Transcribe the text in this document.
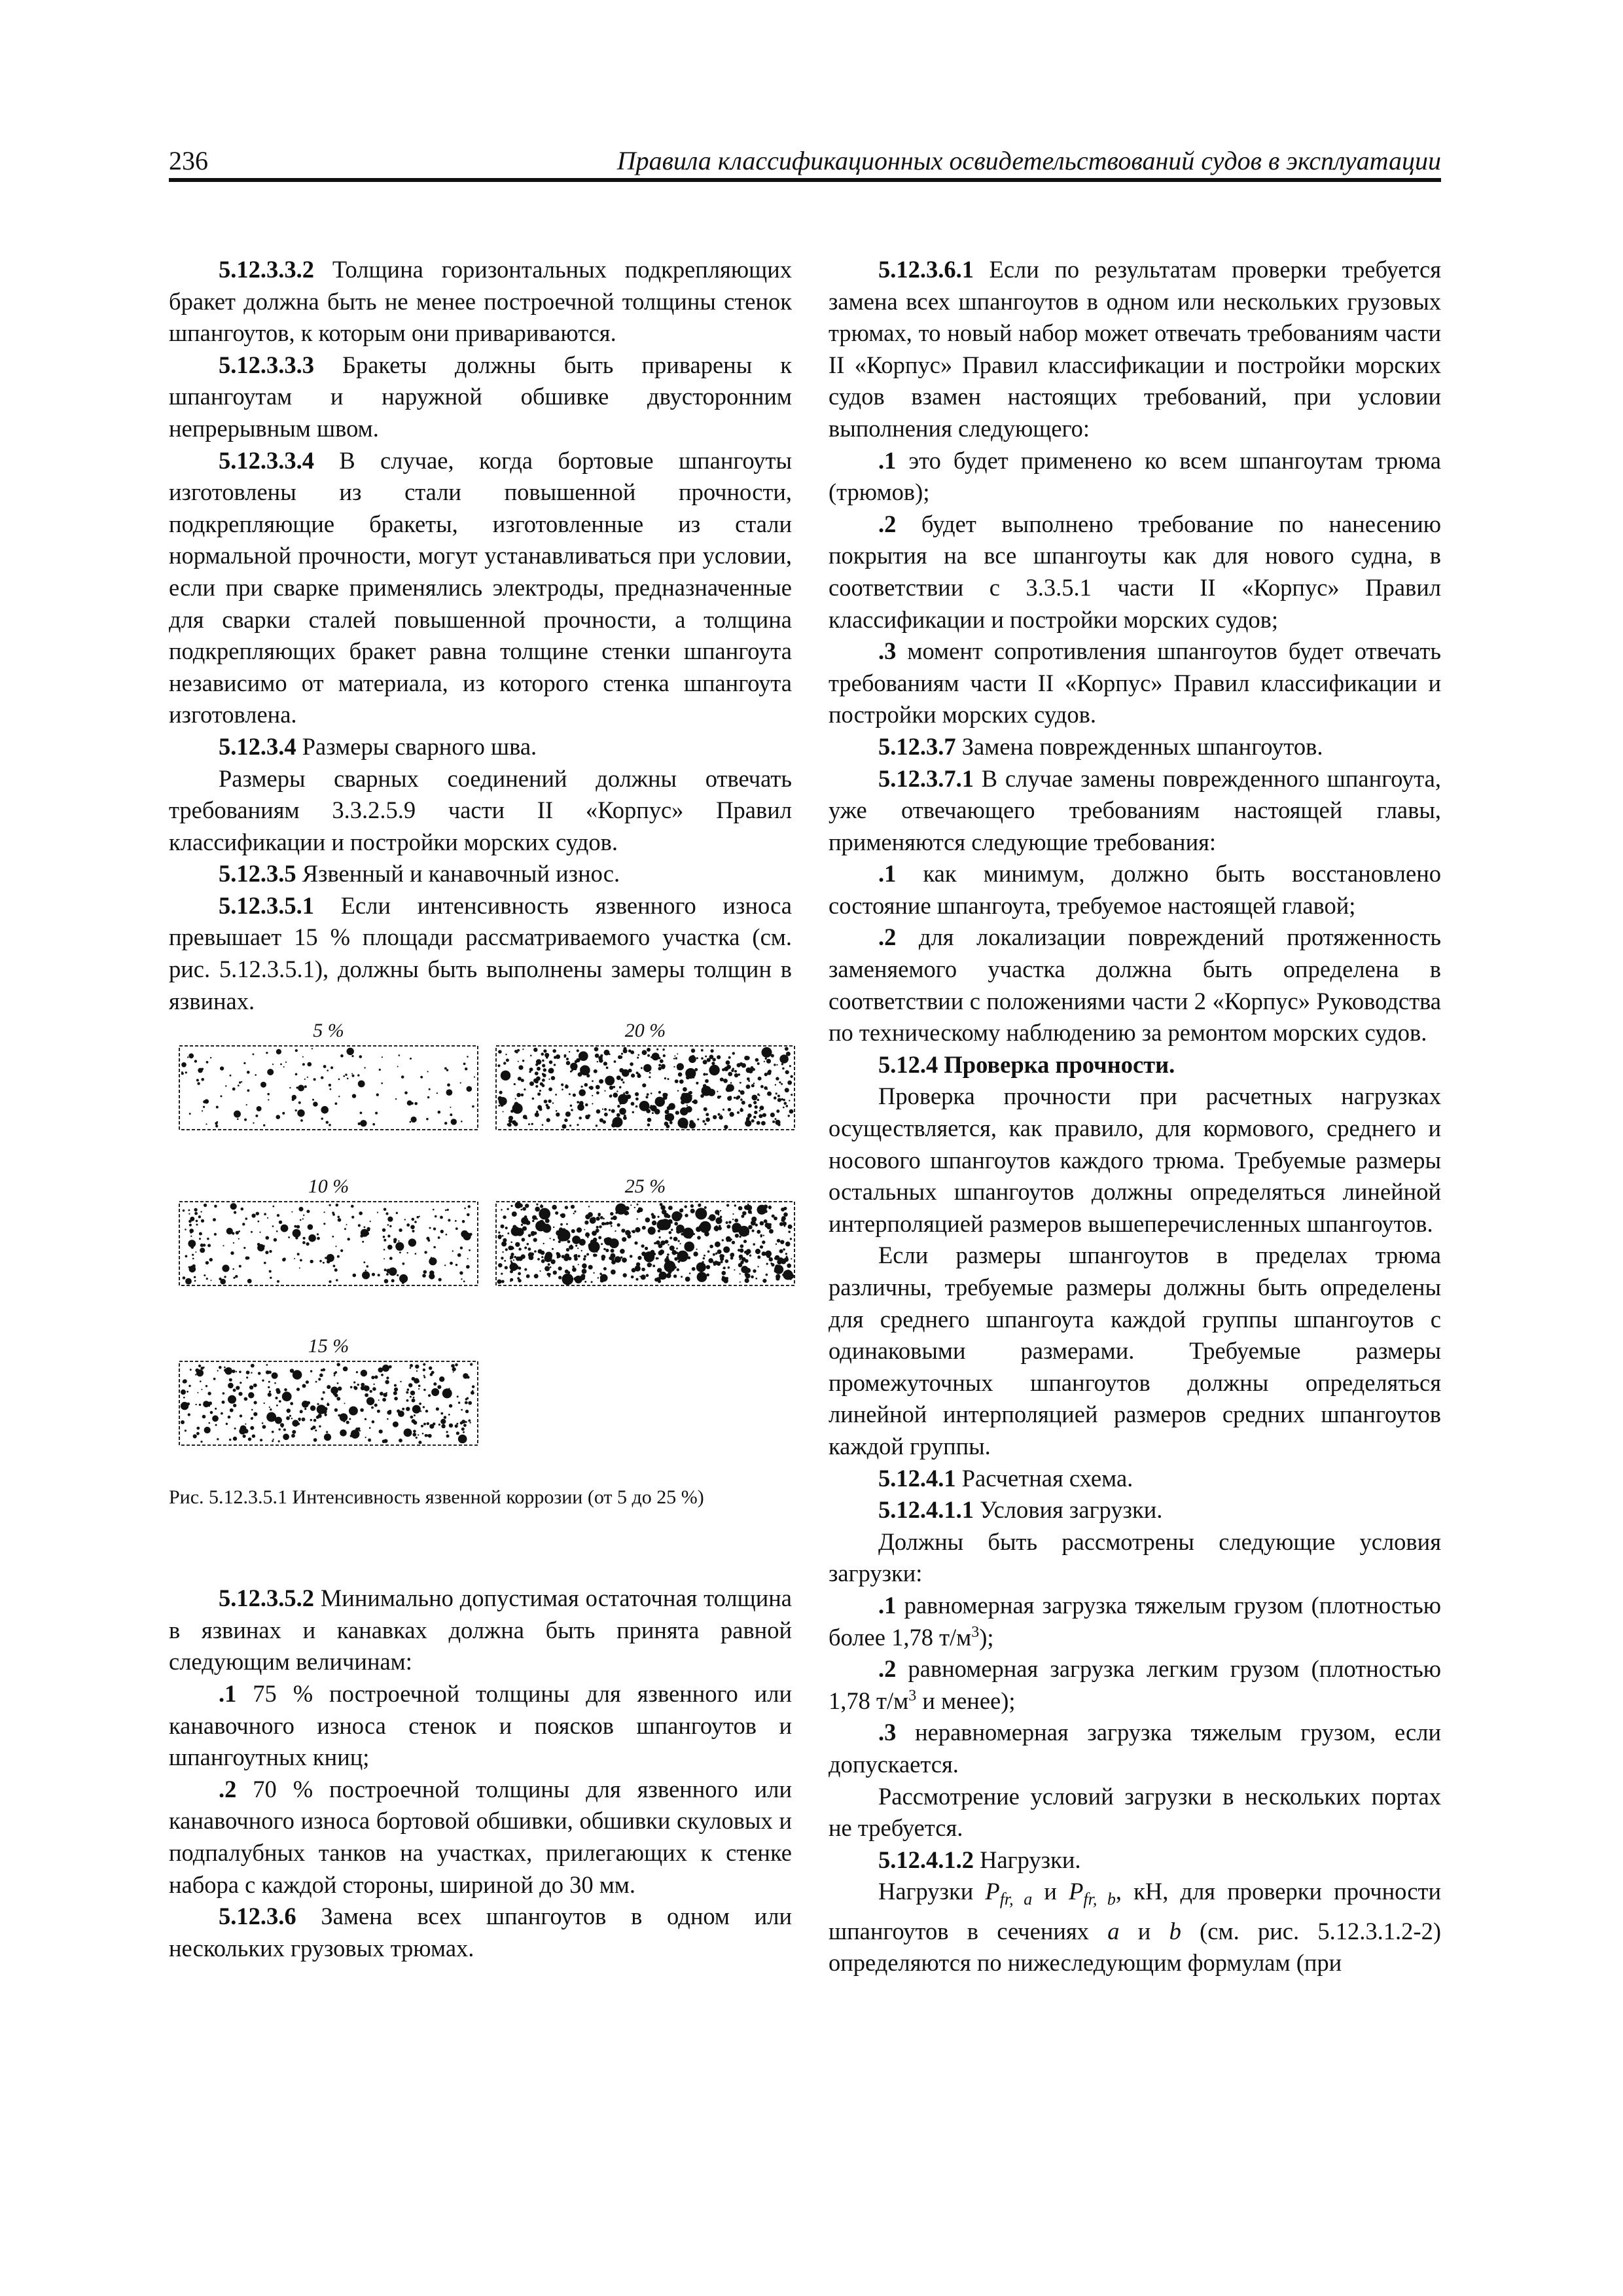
236	Правила классификационных освидетельствований судов в эксплуатации

5.12.3.3.2 Толщина горизонтальных подкрепляющих бракет должна быть не менее построечной толщины стенок шпангоутов, к которым они привариваются.

5.12.3.3.3 Бракеты должны быть приварены к шпангоутам и наружной обшивке двусторонним непрерывным швом.

5.12.3.3.4 В случае, когда бортовые шпангоуты изготовлены из стали повышенной прочности, подкрепляющие бракеты, изготовленные из стали нормальной прочности, могут устанавливаться при условии, если при сварке применялись электроды, предназначенные для сварки сталей повышенной прочности, а толщина подкрепляющих бракет равна толщине стенки шпангоута независимо от материала, из которого стенка шпангоута изготовлена.

5.12.3.4 Размеры сварного шва.

Размеры сварных соединений должны отвечать требованиям 3.3.2.5.9 части II «Корпус» Правил классификации и постройки морских судов.

5.12.3.5 Язвенный и канавочный износ.

5.12.3.5.1 Если интенсивность язвенного износа превышает 15 % площади рассматриваемого участка (см. рис. 5.12.3.5.1), должны быть выполнены замеры толщин в язвинах.

5 %	20 %
10 %	25 %
15 %

Рис. 5.12.3.5.1 Интенсивность язвенной коррозии (от 5 до 25 %)

5.12.3.5.2 Минимально допустимая остаточная толщина в язвинах и канавках должна быть принята равной следующим величинам:

.1 75 % построечной толщины для язвенного или канавочного износа стенок и поясков шпангоутов и шпангоутных книц;

.2 70 % построечной толщины для язвенного или канавочного износа бортовой обшивки, обшивки скуловых и подпалубных танков на участках, прилегающих к стенке набора с каждой стороны, шириной до 30 мм.

5.12.3.6 Замена всех шпангоутов в одном или нескольких грузовых трюмах.

5.12.3.6.1 Если по результатам проверки требуется замена всех шпангоутов в одном или нескольких грузовых трюмах, то новый набор может отвечать требованиям части II «Корпус» Правил классификации и постройки морских судов взамен настоящих требований, при условии выполнения следующего:

.1 это будет применено ко всем шпангоутам трюма (трюмов);

.2 будет выполнено требование по нанесению покрытия на все шпангоуты как для нового судна, в соответствии с 3.3.5.1 части II «Корпус» Правил классификации и постройки морских судов;

.3 момент сопротивления шпангоутов будет отвечать требованиям части II «Корпус» Правил классификации и постройки морских судов.

5.12.3.7 Замена поврежденных шпангоутов.

5.12.3.7.1 В случае замены поврежденного шпангоута, уже отвечающего требованиям настоящей главы, применяются следующие требования:

.1 как минимум, должно быть восстановлено состояние шпангоута, требуемое настоящей главой;

.2 для локализации повреждений протяженность заменяемого участка должна быть определена в соответствии с положениями части 2 «Корпус» Руководства по техническому наблюдению за ремонтом морских судов.

5.12.4 Проверка прочности.

Проверка прочности при расчетных нагрузках осуществляется, как правило, для кормового, среднего и носового шпангоутов каждого трюма. Требуемые размеры остальных шпангоутов должны определяться линейной интерполяцией размеров вышеперечисленных шпангоутов.

Если размеры шпангоутов в пределах трюма различны, требуемые размеры должны быть определены для среднего шпангоута каждой группы шпангоутов с одинаковыми размерами. Требуемые размеры промежуточных шпангоутов должны определяться линейной интерполяцией размеров средних шпангоутов каждой группы.

5.12.4.1 Расчетная схема.

5.12.4.1.1 Условия загрузки.

Должны быть рассмотрены следующие условия загрузки:

.1 равномерная загрузка тяжелым грузом (плотностью более 1,78 $т/м^3$);

.2 равномерная загрузка легким грузом (плотностью 1,78 $т/м^3$ и менее);

.3 неравномерная загрузка тяжелым грузом, если допускается.

Рассмотрение условий загрузки в нескольких портах не требуется.

5.12.4.1.2 Нагрузки.

Нагрузки $P_{fr, a}$ и $P_{fr, b}$, кН, для проверки прочности шпангоутов в сечениях a и b (см. рис. 5.12.3.1.2-2) определяются по нижеследующим формулам (при
